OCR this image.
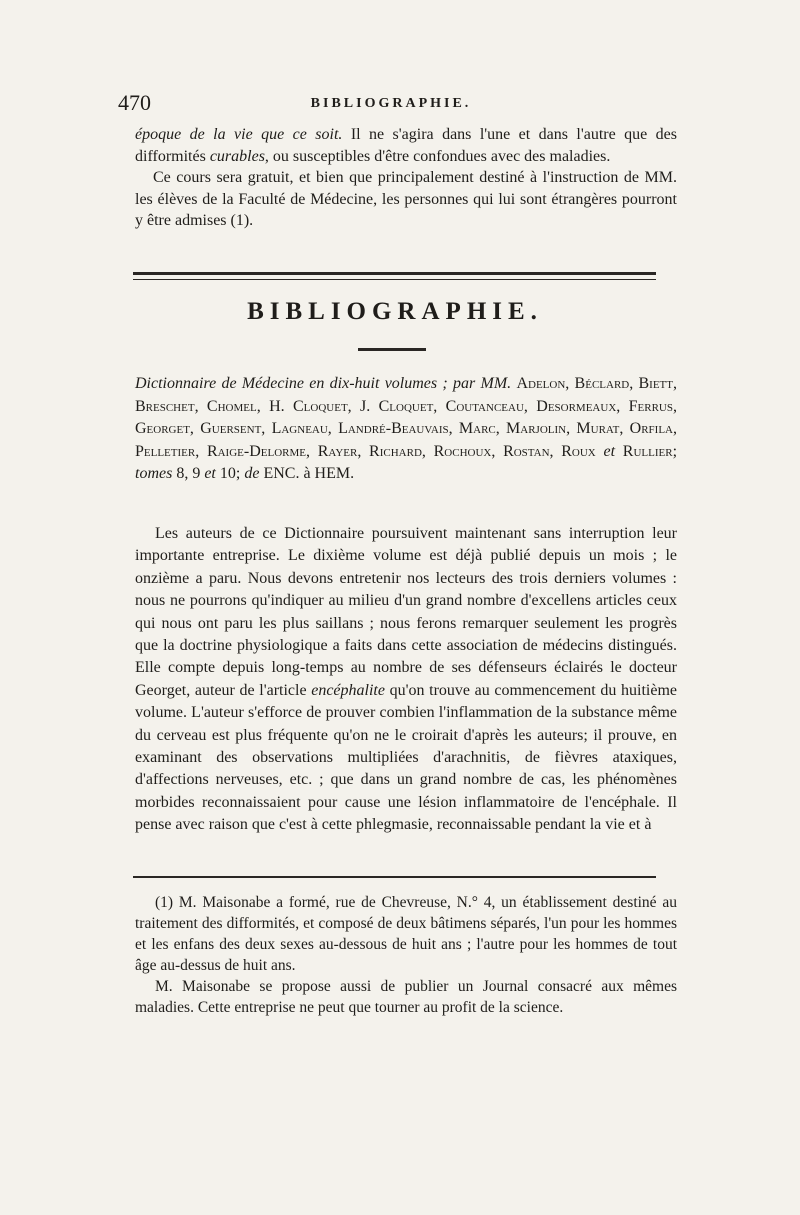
470	BIBLIOGRAPHIE.

époque de la vie que ce soit. Il ne s'agira dans l'une et dans l'autre que des difformités curables, ou susceptibles d'être confondues avec des maladies.

Ce cours sera gratuit, et bien que principalement destiné à l'instruction de MM. les élèves de la Faculté de Médecine, les personnes qui lui sont étrangères pourront y être admises (1).

BIBLIOGRAPHIE.
Dictionnaire de Médecine en dix-huit volumes ; par MM. Adelon, Béclard, Biett, Breschet, Chomel, H. Cloquet, J. Cloquet, Coutanceau, Desormeaux, Ferrus, Georget, Guersent, Lagneau, Landré-Beauvais, Marc, Marjolin, Murat, Orfila, Pelletier, Raige-Delorme, Rayer, Richard, Rochoux, Rostan, Roux et Rullier; tomes 8, 9 et 10; de ENC. à HEM.

Les auteurs de ce Dictionnaire poursuivent maintenant sans interruption leur importante entreprise. Le dixième volume est déjà publié depuis un mois ; le onzième a paru. Nous devons entretenir nos lecteurs des trois derniers volumes : nous ne pourrons qu'indiquer au milieu d'un grand nombre d'excellens articles ceux qui nous ont paru les plus saillans ; nous ferons remarquer seulement les progrès que la doctrine physiologique a faits dans cette association de médecins distingués. Elle compte depuis long-temps au nombre de ses défenseurs éclairés le docteur Georget, auteur de l'article encéphalite qu'on trouve au commencement du huitième volume. L'auteur s'efforce de prouver combien l'inflammation de la substance même du cerveau est plus fréquente qu'on ne le croirait d'après les auteurs; il prouve, en examinant des observations multipliées d'arachnitis, de fièvres ataxiques, d'affections nerveuses, etc. ; que dans un grand nombre de cas, les phénomènes morbides reconnaissaient pour cause une lésion inflammatoire de l'encéphale. Il pense avec raison que c'est à cette phlegmasie, reconnaissable pendant la vie et à

(1) M. Maisonabe a formé, rue de Chevreuse, N.° 4, un établissement destiné au traitement des difformités, et composé de deux bâtimens séparés, l'un pour les hommes et les enfans des deux sexes au-dessous de huit ans ; l'autre pour les hommes de tout âge au-dessus de huit ans.

M. Maisonabe se propose aussi de publier un Journal consacré aux mêmes maladies. Cette entreprise ne peut que tourner au profit de la science.
